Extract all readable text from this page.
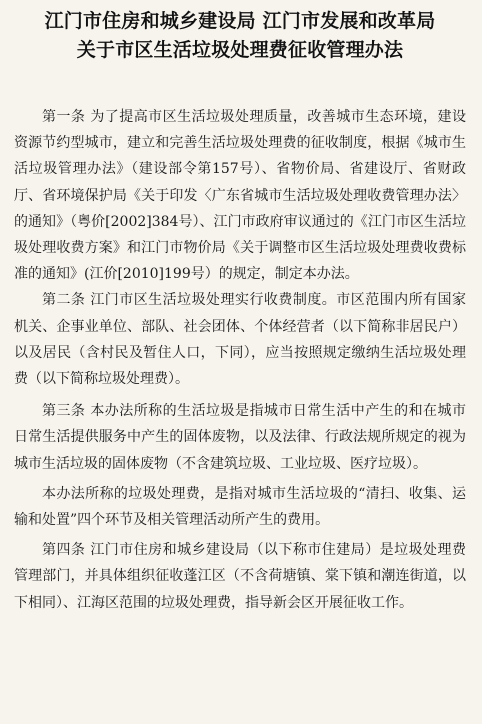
江门市住房和城乡建设局 江门市发展和改革局
关于市区生活垃圾处理费征收管理办法

第一条 为了提高市区生活垃圾处理质量，改善城市生态环境，建设资源节约型城市，建立和完善生活垃圾处理费的征收制度，根据《城市生活垃圾管理办法》（建设部令第157号）、省物价局、省建设厅、省财政厅、省环境保护局《关于印发〈广东省城市生活垃圾处理收费管理办法〉的通知》（粤价[2002]384号）、江门市政府审议通过的《江门市区生活垃圾处理收费方案》和江门市物价局《关于调整市区生活垃圾处理费收费标准的通知》(江价[2010]199号）的规定，制定本办法。

第二条 江门市区生活垃圾处理实行收费制度。市区范围内所有国家机关、企事业单位、部队、社会团体、个体经营者（以下简称非居民户）以及居民（含村民及暂住人口，下同），应当按照规定缴纳生活垃圾处理费（以下简称垃圾处理费）。

第三条 本办法所称的生活垃圾是指城市日常生活中产生的和在城市日常生活提供服务中产生的固体废物，以及法律、行政法规所规定的视为城市生活垃圾的固体废物（不含建筑垃圾、工业垃圾、医疗垃圾）。

本办法所称的垃圾处理费，是指对城市生活垃圾的“清扫、收集、运输和处置”四个环节及相关管理活动所产生的费用。

第四条 江门市住房和城乡建设局（以下称市住建局）是垃圾处理费管理部门，并具体组织征收蓬江区（不含荷塘镇、棠下镇和潮连街道，以下相同）、江海区范围的垃圾处理费，指导新会区开展征收工作。
